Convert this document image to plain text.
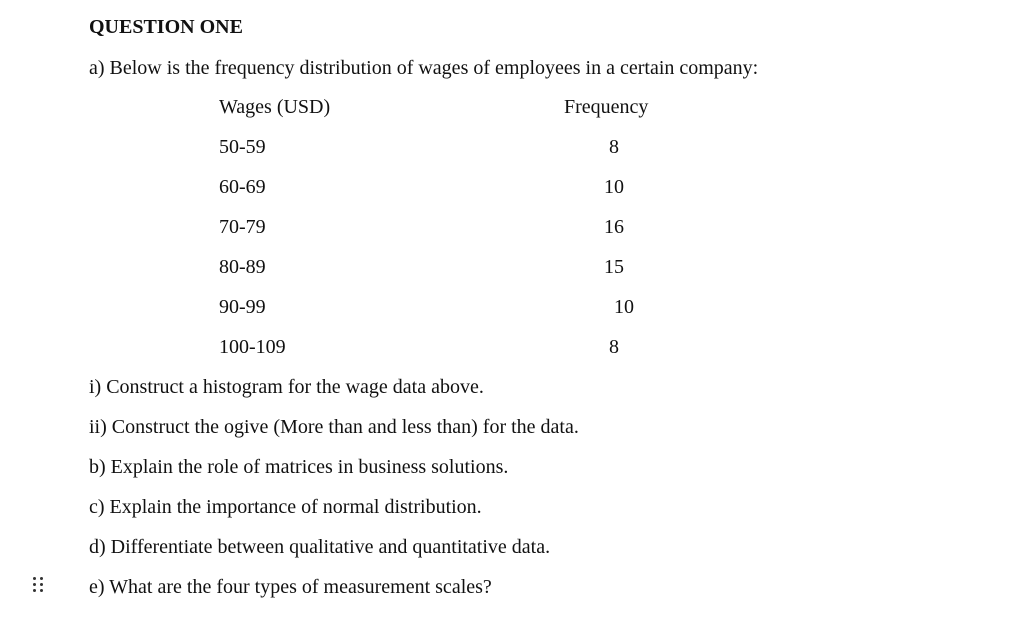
QUESTION ONE
a) Below is the frequency distribution of wages of employees in a certain company:
Wages (USD)	Frequency
50-59	8
60-69	10
70-79	16
80-89	15
90-99	10
100-109	8
i) Construct a histogram for the wage data above.
ii) Construct the ogive (More than and less than) for the data.
b) Explain the role of matrices in business solutions.
c) Explain the importance of normal distribution.
d) Differentiate between qualitative and quantitative data.
e) What are the four types of measurement scales?
